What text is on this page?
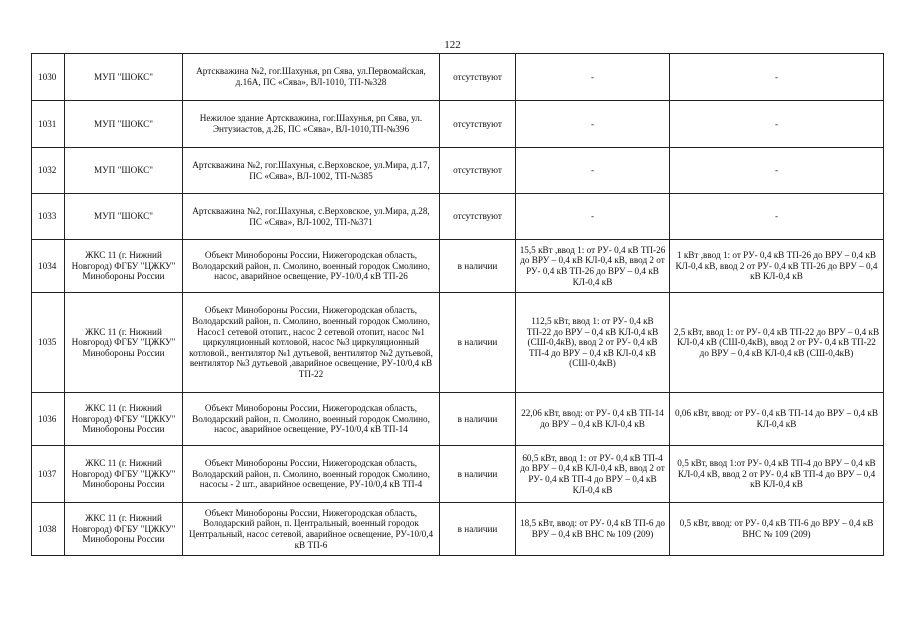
122
1030	МУП "ШОКС"	Артскважина №2, гог.Шахунья, рп Сява, ул.Первомайская, д.16А, ПС «Сява», ВЛ-1010, ТП-№328	отсутствуют	-	-
1031	МУП "ШОКС"	Нежилое здание Артскважина, гог.Шахунья, рп Сява, ул. Энтузиастов, д.2Б, ПС «Сява», ВЛ-1010,ТП-№396	отсутствуют	-	-
1032	МУП "ШОКС"	Артскважина №2, гог.Шахунья, с.Верховское, ул.Мира, д.17, ПС «Сява», ВЛ-1002, ТП-№385	отсутствуют	-	-
1033	МУП "ШОКС"	Артскважина №2, гог.Шахунья, с.Верховское, ул.Мира, д.28, ПС «Сява», ВЛ-1002, ТП-№371	отсутствуют	-	-
1034	ЖКС 11 (г. Нижний Новгород) ФГБУ "ЦЖКУ" Минобороны России	Объект Минобороны России, Нижегородская область, Володарский район, п. Смолино, военный городок Смолино, насос, аварийное освещение, РУ-10/0,4 кВ ТП-26	в наличии	15,5 кВт ,ввод 1: от РУ- 0,4 кВ ТП-26 до ВРУ – 0,4 кВ КЛ-0,4 кВ, ввод 2 от РУ- 0,4 кВ ТП-26 до ВРУ – 0,4 кВ КЛ-0,4 кВ	1 кВт ,ввод 1: от РУ- 0,4 кВ ТП-26 до ВРУ – 0,4 кВ КЛ-0,4 кВ, ввод 2 от РУ- 0,4 кВ ТП-26 до ВРУ – 0,4 кВ КЛ-0,4 кВ
1035	ЖКС 11 (г. Нижний Новгород) ФГБУ "ЦЖКУ" Минобороны России	Объект Минобороны России, Нижегородская область, Володарский район, п. Смолино, военный городок Смолино, Насос1 сетевой отопит., насос 2 сетевой отопит, насос №1 циркуляционный котловой, насос №3 циркуляционный котловой., вентилятор №1 дутьевой, вентилятор №2 дутьевой, вентилятор №3 дутьевой ,аварийное освещение, РУ-10/0,4 кВ ТП-22	в наличии	112,5 кВт, ввод 1: от РУ- 0,4 кВ ТП-22 до ВРУ – 0,4 кВ КЛ-0,4 кВ (СШ-0,4кВ), ввод 2 от РУ- 0,4 кВ ТП-4 до ВРУ – 0,4 кВ КЛ-0,4 кВ (СШ-0,4кВ)	2,5 кВт, ввод 1: от РУ- 0,4 кВ ТП-22 до ВРУ – 0,4 кВ КЛ-0,4 кВ (СШ-0,4кВ), ввод 2 от РУ- 0,4 кВ ТП-22 до ВРУ – 0,4 кВ КЛ-0,4 кВ (СШ-0,4кВ)
1036	ЖКС 11 (г. Нижний Новгород) ФГБУ "ЦЖКУ" Минобороны России	Объект Минобороны России, Нижегородская область, Володарский район, п. Смолино, военный городок Смолино, насос, аварийное освещение, РУ-10/0,4 кВ ТП-14	в наличии	22,06 кВт, ввод: от РУ- 0,4 кВ ТП-14 до ВРУ – 0,4 кВ КЛ-0,4 кВ	0,06 кВт, ввод: от РУ- 0,4 кВ ТП-14 до ВРУ – 0,4 кВ КЛ-0,4 кВ
1037	ЖКС 11 (г. Нижний Новгород) ФГБУ "ЦЖКУ" Минобороны России	Объект Минобороны России, Нижегородская область, Володарский район, п. Смолино, военный городок Смолино, насосы - 2 шт., аварийное освещение, РУ-10/0,4 кВ ТП-4	в наличии	60,5 кВт, ввод 1: от РУ- 0,4 кВ ТП-4 до ВРУ – 0,4 кВ КЛ-0,4 кВ, ввод 2 от РУ- 0,4 кВ ТП-4 до ВРУ – 0,4 кВ КЛ-0,4 кВ	0,5 кВт, ввод 1:от РУ- 0,4 кВ ТП-4 до ВРУ – 0,4 кВ КЛ-0,4 кВ, ввод 2 от РУ- 0,4 кВ ТП-4 до ВРУ – 0,4 кВ КЛ-0,4 кВ
1038	ЖКС 11 (г. Нижний Новгород) ФГБУ "ЦЖКУ" Минобороны России	Объект Минобороны России, Нижегородская область, Володарский район, п. Центральный, военный городок Центральный, насос сетевой, аварийное освещение, РУ-10/0,4 кВ ТП-6	в наличии	18,5 кВт, ввод: от РУ- 0,4 кВ ТП-6 до ВРУ – 0,4 кВ ВНС № 109 (209)	0,5 кВт, ввод: от РУ- 0,4 кВ ТП-6 до ВРУ – 0,4 кВ ВНС № 109 (209)
